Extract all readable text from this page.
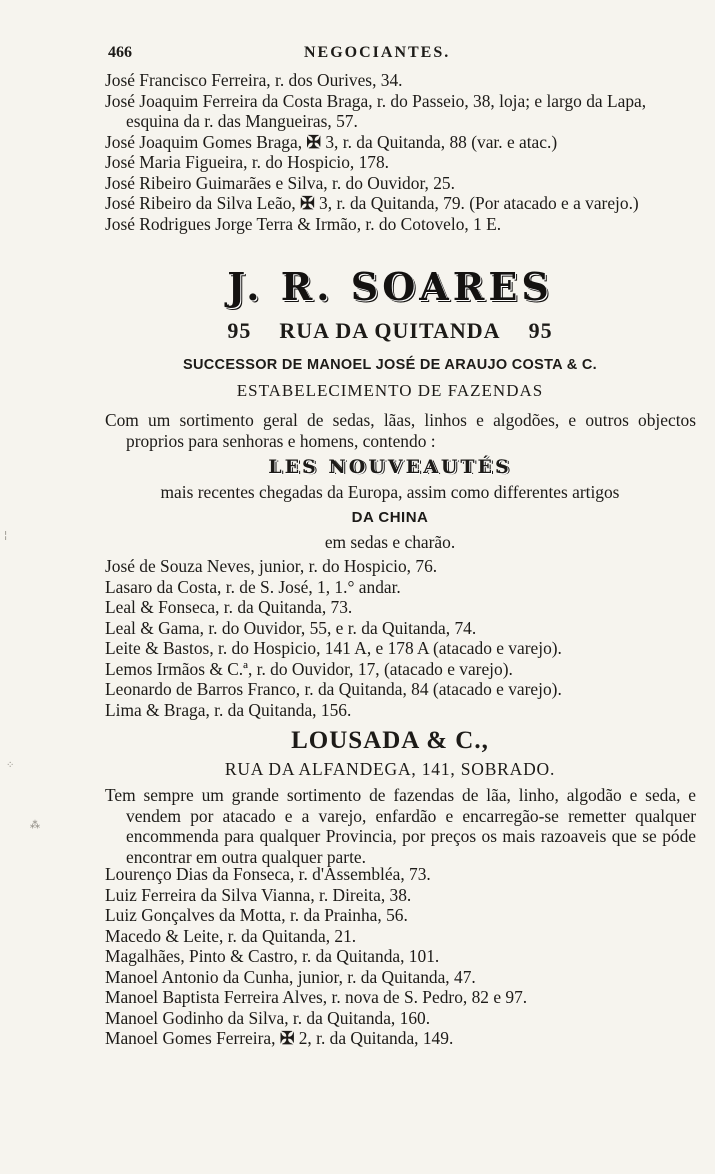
466	NEGOCIANTES.
José Francisco Ferreira, r. dos Ourives, 34.
José Joaquim Ferreira da Costa Braga, r. do Passeio, 38, loja; e largo da Lapa, esquina da r. das Mangueiras, 57.
José Joaquim Gomes Braga, ✠ 3, r. da Quitanda, 88 (var. e atac.)
José Maria Figueira, r. do Hospicio, 178.
José Ribeiro Guimarães e Silva, r. do Ouvidor, 25.
José Ribeiro da Silva Leão, ✠ 3, r. da Quitanda, 79. (Por atacado e a varejo.)
José Rodrigues Jorge Terra & Irmão, r. do Cotovelo, 1 E.
J. R. SOARES
95 RUA DA QUITANDA 95
SUCCESSOR DE MANOEL JOSÉ DE ARAUJO COSTA & C.
ESTABELECIMENTO DE FAZENDAS
Com um sortimento geral de sedas, lãas, linhos e algodões, e outros objectos proprios para senhoras e homens, contendo :
LES NOUVEAUTÉS
mais recentes chegadas da Europa, assim como differentes artigos
DA CHINA
em sedas e charão.
José de Souza Neves, junior, r. do Hospicio, 76.
Lasaro da Costa, r. de S. José, 1, 1.° andar.
Leal & Fonseca, r. da Quitanda, 73.
Leal & Gama, r. do Ouvidor, 55, e r. da Quitanda, 74.
Leite & Bastos, r. do Hospicio, 141 A, e 178 A (atacado e varejo).
Lemos Irmãos & C.ª, r. do Ouvidor, 17, (atacado e varejo).
Leonardo de Barros Franco, r. da Quitanda, 84 (atacado e varejo).
Lima & Braga, r. da Quitanda, 156.
LOUSADA & C.,
RUA DA ALFANDEGA, 141, SOBRADO.
Tem sempre um grande sortimento de fazendas de lãa, linho, algodão e seda, e vendem por atacado e a varejo, enfardão e encarregão-se remetter qualquer encommenda para qualquer Provincia, por preços os mais razoaveis que se póde encontrar em outra qualquer parte.
Lourenço Dias da Fonseca, r. d'Assembléa, 73.
Luiz Ferreira da Silva Vianna, r. Direita, 38.
Luiz Gonçalves da Motta, r. da Prainha, 56.
Macedo & Leite, r. da Quitanda, 21.
Magalhães, Pinto & Castro, r. da Quitanda, 101.
Manoel Antonio da Cunha, junior, r. da Quitanda, 47.
Manoel Baptista Ferreira Alves, r. nova de S. Pedro, 82 e 97.
Manoel Godinho da Silva, r. da Quitanda, 160.
Manoel Gomes Ferreira, ✠ 2, r. da Quitanda, 149.
⁘
⁂
¦
